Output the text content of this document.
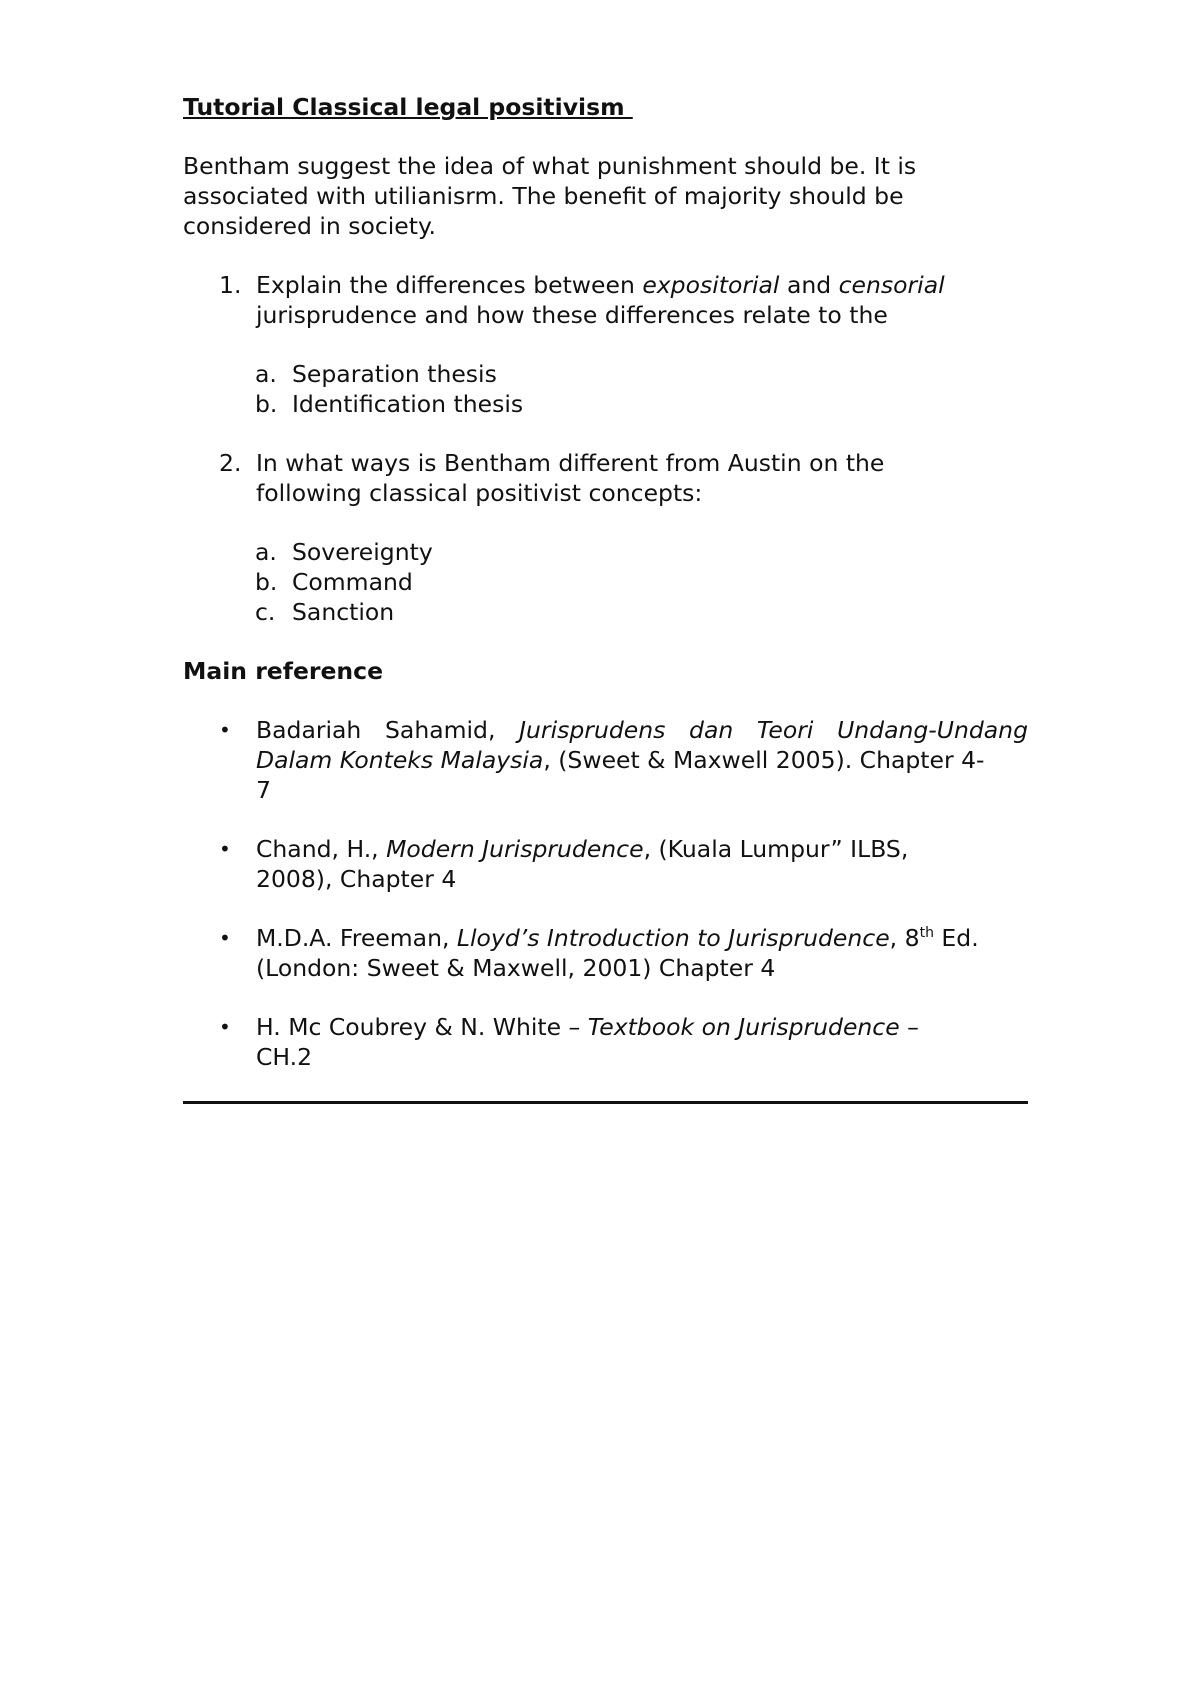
Tutorial Classical legal positivism
Bentham suggest the idea of what punishment should be. It is
associated with utilianisrm. The benefit of majority should be
considered in society.
1. Explain the differences between expositorial and censorial
jurisprudence and how these differences relate to the
a. Separation thesis
b. Identification thesis
2. In what ways is Bentham different from Austin on the
following classical positivist concepts:
a. Sovereignty
b. Command
c. Sanction
Main reference
• Badariah Sahamid, Jurisprudens dan Teori Undang-Undang
Dalam Konteks Malaysia, (Sweet & Maxwell 2005). Chapter 4-
7
• Chand, H., Modern Jurisprudence, (Kuala Lumpur” ILBS,
2008), Chapter 4
• M.D.A. Freeman, Lloyd’s Introduction to Jurisprudence, 8th Ed.
(London: Sweet & Maxwell, 2001) Chapter 4
• H. Mc Coubrey & N. White – Textbook on Jurisprudence –
CH.2
